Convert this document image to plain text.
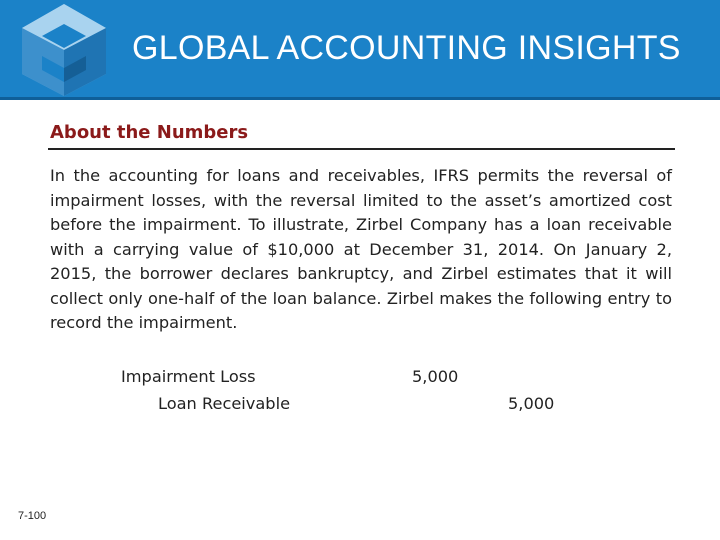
GLOBAL ACCOUNTING INSIGHTS
About the Numbers
In the accounting for loans and receivables, IFRS permits the reversal of impairment losses, with the reversal limited to the asset’s amortized cost before the impairment. To illustrate, Zirbel Company has a loan receivable with a carrying value of $10,000 at December 31, 2014. On January 2, 2015, the borrower declares bankruptcy, and Zirbel estimates that it will collect only one-half of the loan balance. Zirbel makes the following entry to record the impairment.
Impairment Loss	5,000
Loan Receivable	5,000
7-100
